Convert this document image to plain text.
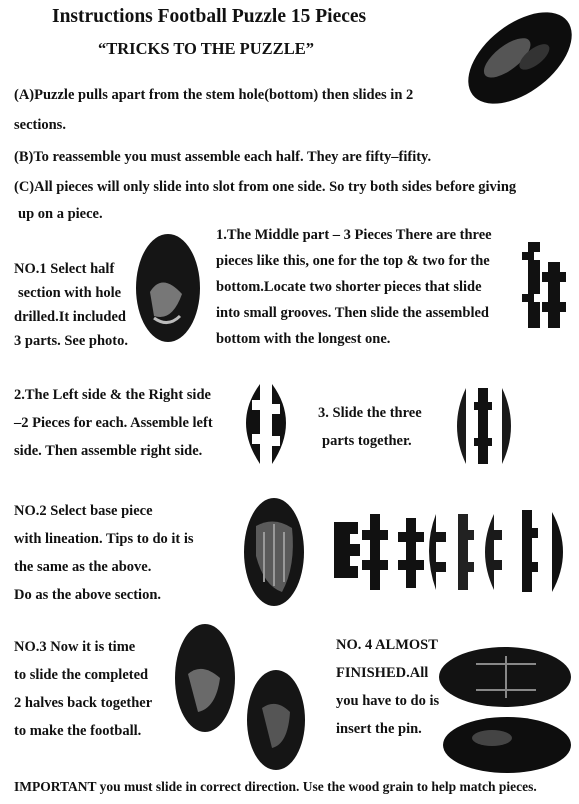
Instructions Football Puzzle 15 Pieces
“TRICKS TO THE PUZZLE”
(A)Puzzle pulls apart from the stem hole(bottom) then slides in 2
sections.
(B)To reassemble you must assemble each half. They are fifty–fifity.
(C)All pieces will only slide into slot from one side. So try both sides before giving
up on a piece.
NO.1 Select half
section with hole
drilled.It included
3 parts. See photo.
1.The Middle part – 3 Pieces There are three
pieces like this, one for the top & two for the
bottom.Locate two shorter pieces that slide
into small grooves. Then slide the assembled
bottom with the longest one.
2.The Left side & the Right side
–2 Pieces for each. Assemble left
side. Then assemble right side.
3. Slide the three
parts together.
NO.2 Select base piece
with lineation. Tips to do it is
the same as the above.
Do as the above section.
NO.3 Now it is time
to slide the completed
2 halves back together
to make the football.
NO. 4 ALMOST
FINISHED.All
you have to do is
insert the pin.
IMPORTANT you must slide in correct direction. Use the wood grain to help match pieces.
